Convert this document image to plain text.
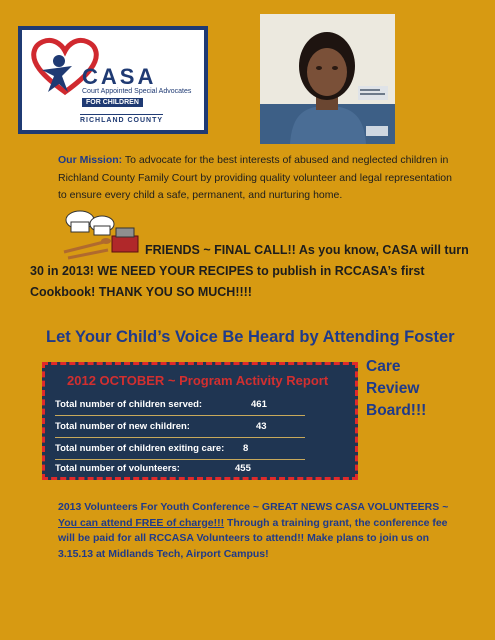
CASA
Court Appointed Special Advocates
FOR CHILDREN
RICHLAND COUNTY
Our Mission: To advocate for the best interests of abused and neglected children in Richland County Family Court by providing quality volunteer and legal representation to ensure every child a safe, permanent, and nurturing home.
FRIENDS ~ FINAL CALL!! As you know, CASA will turn 30 in 2013! WE NEED YOUR RECIPES to publish in RCCASA’s first Cookbook! THANK YOU SO MUCH!!!!
Let Your Child’s Voice Be Heard by Attending Foster
Care
Review
Board!!!
2012 OCTOBER ~ Program Activity Report
Total number of children served:	461
Total number of new children:	43
Total number of children exiting care: 8
Total number of volunteers:	455
2013 Volunteers For Youth Conference ~ GREAT NEWS CASA VOLUNTEERS ~ You can attend FREE of charge!!! Through a training grant, the conference fee will be paid for all RCCASA Volunteers to attend!! Make plans to join us on 3.15.13 at Midlands Tech, Airport Campus!
